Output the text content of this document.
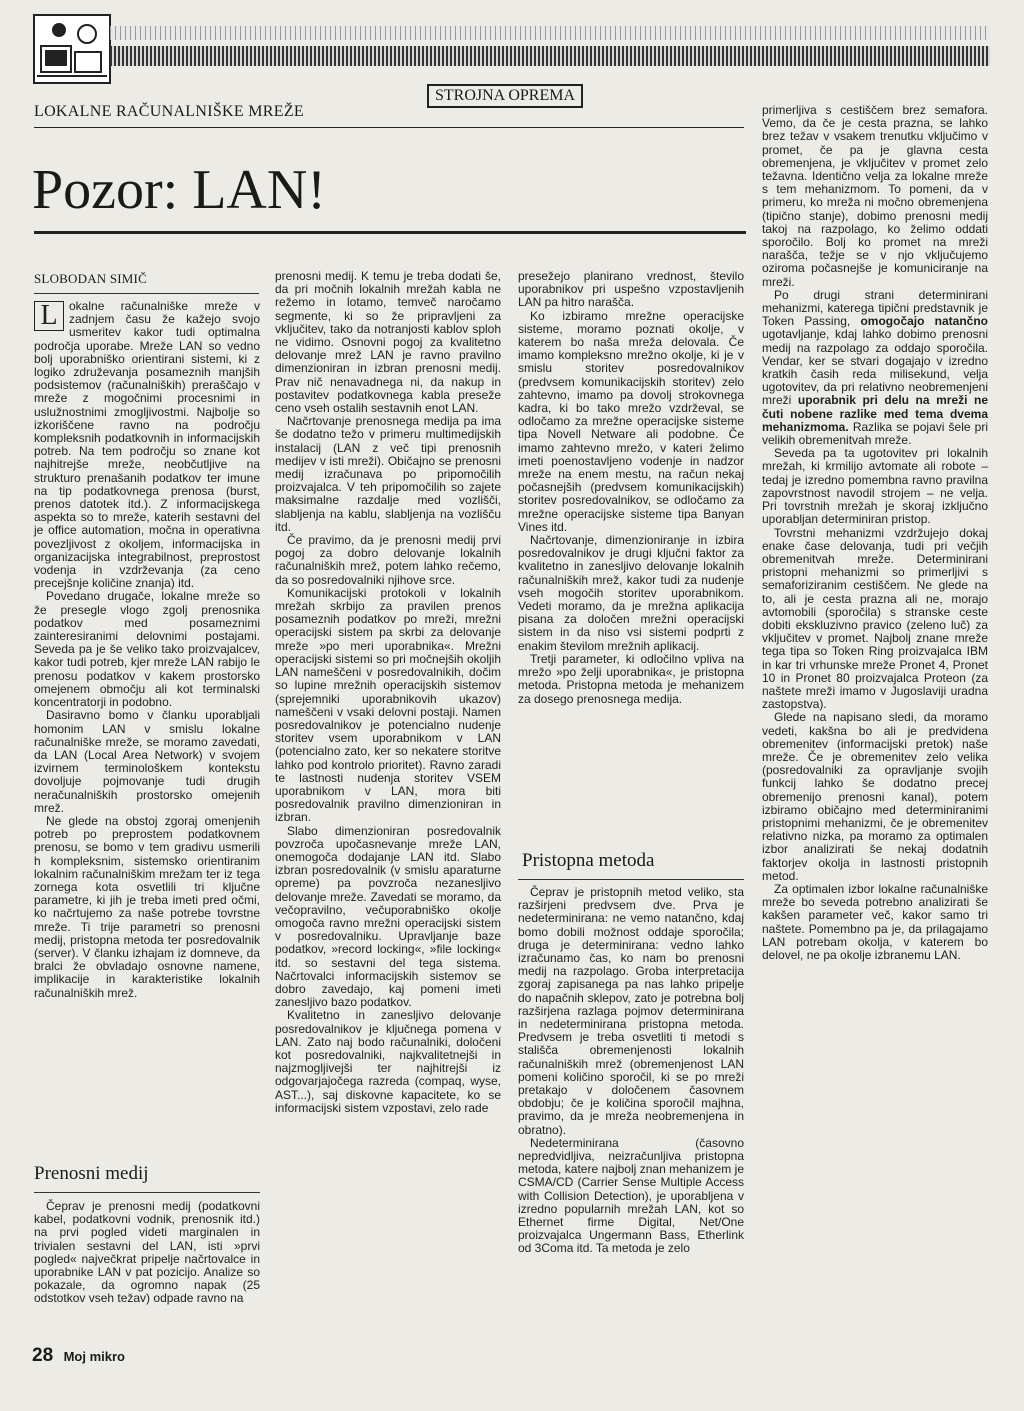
LOKALNE RAČUNALNIŠKE MREŽE
STROJNA OPREMA
Pozor: LAN!
SLOBODAN SIMIČ

L okalne računalniške mreže v zadnjem času že kažejo svojo usmeritev kakor tudi optimalna področja uporabe. Mreže LAN so vedno bolj uporabniško orientirani sistemi, ki z logiko združevanja posameznih manjših podsistemov (računalniških) preraščajo v mreže z mogočnimi procesnimi in uslužnostnimi zmogljivostmi. Najbolje so izkoriščene ravno na področju kompleksnih podatkovnih in informacijskih potreb. Na tem področju so znane kot najhitrejše mreže, neobčutljive na strukturo prenašanih podatkov ter imune na tip podatkovnega prenosa (burst, prenos datotek itd.). Z informacijskega aspekta so to mreže, katerih sestavni del je office automation, močna in operativna povezljivost z okoljem, informacijska in organizacijska integrabilnost, preprostost vodenja in vzdrževanja (za ceno precejšnje količine znanja) itd.

Povedano drugače, lokalne mreže so že presegle vlogo zgolj prenosnika podatkov med posameznimi zainteresiranimi delovnimi postajami. Seveda pa je še veliko tako proizvajalcev, kakor tudi potreb, kjer mreže LAN rabijo le prenosu podatkov v kakem prostorsko omejenem območju ali kot terminalski koncentratorji in podobno.

Dasiravno bomo v članku uporabljali homonim LAN v smislu lokalne računalniške mreže, se moramo zavedati, da LAN (Local Area Network) v svojem izvirnem terminološkem kontekstu dovoljuje pojmovanje tudi drugih neračunalniških prostorsko omejenih mrež.

Ne glede na obstoj zgoraj omenjenih potreb po preprostem podatkovnem prenosu, se bomo v tem gradivu usmerili h kompleksnim, sistemsko orientiranim lokalnim računalniškim mrežam ter iz tega zornega kota osvetlili tri ključne parametre, ki jih je treba imeti pred očmi, ko načrtujemo za naše potrebe tovrstne mreže. Ti trije parametri so prenosni medij, pristopna metoda ter posredovalnik (server). V članku izhajam iz domneve, da bralci že obvladajo osnovne namene, implikacije in karakteristike lokalnih računalniških mrež.

Prenosni medij

Čeprav je prenosni medij (podatkovni kabel, podatkovni vodnik, prenosnik itd.) na prvi pogled videti marginalen in trivialen sestavni del LAN, isti »prvi pogled« največkrat pripelje načrtovalce in uporabnike LAN v pat pozicijo. Analize so pokazale, da ogromno napak (25 odstotkov vseh težav) odpade ravno na

prenosni medij. K temu je treba dodati še, da pri močnih lokalnih mrežah kabla ne režemo in lotamo, temveč naročamo segmente, ki so že pripravljeni za vključitev, tako da notranjosti kablov sploh ne vidimo. Osnovni pogoj za kvalitetno delovanje mrež LAN je ravno pravilno dimenzioniran in izbran prenosni medij. Prav nič nenavadnega ni, da nakup in postavitev podatkovnega kabla preseže ceno vseh ostalih sestavnih enot LAN.

Načrtovanje prenosnega medija pa ima še dodatno težo v primeru multimedijskih instalacij (LAN z več tipi prenosnih medijev v isti mreži). Običajno se prenosni medij izračunava po pripomočilih proizvajalca. V teh pripomočilih so zajete maksimalne razdalje med vozlišči, slabljenja na kablu, slabljenja na vozlišču itd.

Če pravimo, da je prenosni medij prvi pogoj za dobro delovanje lokalnih računalniških mrež, potem lahko rečemo, da so posredovalniki njihove srce.

Komunikacijski protokoli v lokalnih mrežah skrbijo za pravilen prenos posameznih podatkov po mreži, mrežni operacijski sistem pa skrbi za delovanje mreže »po meri uporabnika«. Mrežni operacijski sistemi so pri močnejših okoljih LAN nameščeni v posredovalnikih, dočim so lupine mrežnih operacijskih sistemov (sprejemniki uporabnikovih ukazov) nameščeni v vsaki delovni postaji. Namen posredovalnikov je potencialno nudenje storitev vsem uporabnikom v LAN (potencialno zato, ker so nekatere storitve lahko pod kontrolo prioritet). Ravno zaradi te lastnosti nudenja storitev VSEM uporabnikom v LAN, mora biti posredovalnik pravilno dimenzioniran in izbran.

Slabo dimenzioniran posredovalnik povzroča upočasnevanje mreže LAN, onemogoča dodajanje LAN itd. Slabo izbran posredovalnik (v smislu aparaturne opreme) pa povzroča nezanesljivo delovanje mreže. Zavedati se moramo, da večopravilno, večuporabniško okolje omogoča ravno mrežni operacijski sistem v posredovalniku. Upravljanje baze podatkov, »record locking«, »file locking« itd. so sestavni del tega sistema. Načrtovalci informacijskih sistemov se dobro zavedajo, kaj pomeni imeti zanesljivo bazo podatkov.

Kvalitetno in zanesljivo delovanje posredovalnikov je ključnega pomena v LAN. Zato naj bodo računalniki, določeni kot posredovalniki, najkvalitetnejši in najzmogljivejši ter najhitrejši iz odgovarjajočega razreda (compaq, wyse, AST...), saj diskovne kapacitete, ko se informacijski sistem vzpostavi, zelo rade

presežejo planirano vrednost, število uporabnikov pri uspešno vzpostavljenih LAN pa hitro narašča.

Ko izbiramo mrežne operacijske sisteme, moramo poznati okolje, v katerem bo naša mreža delovala. Če imamo kompleksno mrežno okolje, ki je v smislu storitev posredovalnikov (predvsem komunikacijskih storitev) zelo zahtevno, imamo pa dovolj strokovnega kadra, ki bo tako mrežo vzdrževal, se odločamo za mrežne operacijske sisteme tipa Novell Netware ali podobne. Če imamo zahtevno mrežo, v kateri želimo imeti poenostavljeno vodenje in nadzor mreže na enem mestu, na račun nekaj počasnejših (predvsem komunikacijskih) storitev posredovalnikov, se odločamo za mrežne operacijske sisteme tipa Banyan Vines itd.

Načrtovanje, dimenzioniranje in izbira posredovalnikov je drugi ključni faktor za kvalitetno in zanesljivo delovanje lokalnih računalniških mrež, kakor tudi za nudenje vseh mogočih storitev uporabnikom. Vedeti moramo, da je mrežna aplikacija pisana za določen mrežni operacijski sistem in da niso vsi sistemi podprti z enakim številom mrežnih aplikacij.

Tretji parameter, ki odločilno vpliva na mrežo »po želji uporabnika«, je pristopna metoda. Pristopna metoda je mehanizem za dosego prenosnega medija.

Pristopna metoda

Čeprav je pristopnih metod veliko, sta razširjeni predvsem dve. Prva je nedeterminirana: ne vemo natančno, kdaj bomo dobili možnost oddaje sporočila; druga je determinirana: vedno lahko izračunamo čas, ko nam bo prenosni medij na razpolago. Groba interpretacija zgoraj zapisanega pa nas lahko pripelje do napačnih sklepov, zato je potrebna bolj razširjena razlaga pojmov determinirana in nedeterminirana pristopna metoda. Predvsem je treba osvetliti ti metodi s stališča obremenjenosti lokalnih računalniških mrež (obremenjenost LAN pomeni količino sporočil, ki se po mreži pretakajo v določenem časovnem obdobju; če je količina sporočil majhna, pravimo, da je mreža neobremenjena in obratno).

Nedeterminirana (časovno nepredvidljiva, neizračunljiva pristopna metoda, katere najbolj znan mehanizem je CSMA/CD (Carrier Sense Multiple Access with Collision Detection), je uporabljena v izredno popularnih mrežah LAN, kot so Ethernet firme Digital, Net/One proizvajalca Ungermann Bass, Etherlink od 3Coma itd. Ta metoda je zelo

primerljiva s cestiščem brez semafora. Vemo, da če je cesta prazna, se lahko brez težav v vsakem trenutku vključimo v promet, če pa je glavna cesta obremenjena, je vključitev v promet zelo težavna. Identično velja za lokalne mreže s tem mehanizmom. To pomeni, da v primeru, ko mreža ni močno obremenjena (tipično stanje), dobimo prenosni medij takoj na razpolago, ko želimo oddati sporočilo. Bolj ko promet na mreži narašča, težje se v njo vključujemo oziroma počasnejše je komuniciranje na mreži.

Po drugi strani determinirani mehanizmi, katerega tipični predstavnik je Token Passing, omogočajo natančno ugotavljanje, kdaj lahko dobimo prenosni medij na razpolago za oddajo sporočila. Vendar, ker se stvari dogajajo v izredno kratkih časih reda milisekund, velja ugotovitev, da pri relativno neobremenjeni mreži uporabnik pri delu na mreži ne čuti nobene razlike med tema dvema mehanizmoma. Razlika se pojavi šele pri velikih obremenitvah mreže.

Seveda pa ta ugotovitev pri lokalnih mrežah, ki krmilijo avtomate ali robote – tedaj je izredno pomembna ravno pravilna zapovrstnost navodil strojem – ne velja. Pri tovrstnih mrežah je skoraj izključno uporabljan determiniran pristop.

Tovrstni mehanizmi vzdržujejo dokaj enake čase delovanja, tudi pri večjih obremenitvah mreže. Determinirani pristopni mehanizmi so primerljivi s semaforiziranim cestiščem. Ne glede na to, ali je cesta prazna ali ne, morajo avtomobili (sporočila) s stranske ceste dobiti ekskluzivno pravico (zeleno luč) za vključitev v promet. Najbolj znane mreže tega tipa so Token Ring proizvajalca IBM in kar tri vrhunske mreže Pronet 4, Pronet 10 in Pronet 80 proizvajalca Proteon (za naštete mreži imamo v Jugoslaviji uradna zastopstva).

Glede na napisano sledi, da moramo vedeti, kakšna bo ali je predvidena obremenitev (informacijski pretok) naše mreže. Če je obremenitev zelo velika (posredovalniki za opravljanje svojih funkcij lahko še dodatno precej obremenijo prenosni kanal), potem izbiramo običajno med determiniranimi pristopnimi mehanizmi, če je obremenitev relativno nizka, pa moramo za optimalen izbor analizirati še nekaj dodatnih faktorjev okolja in lastnosti pristopnih metod.

Za optimalen izbor lokalne računalniške mreže bo seveda potrebno analizirati še kakšen parameter več, kakor samo tri naštete. Pomembno pa je, da prilagajamo LAN potrebam okolja, v katerem bo delovel, ne pa okolje izbranemu LAN.

28 Moj mikro
